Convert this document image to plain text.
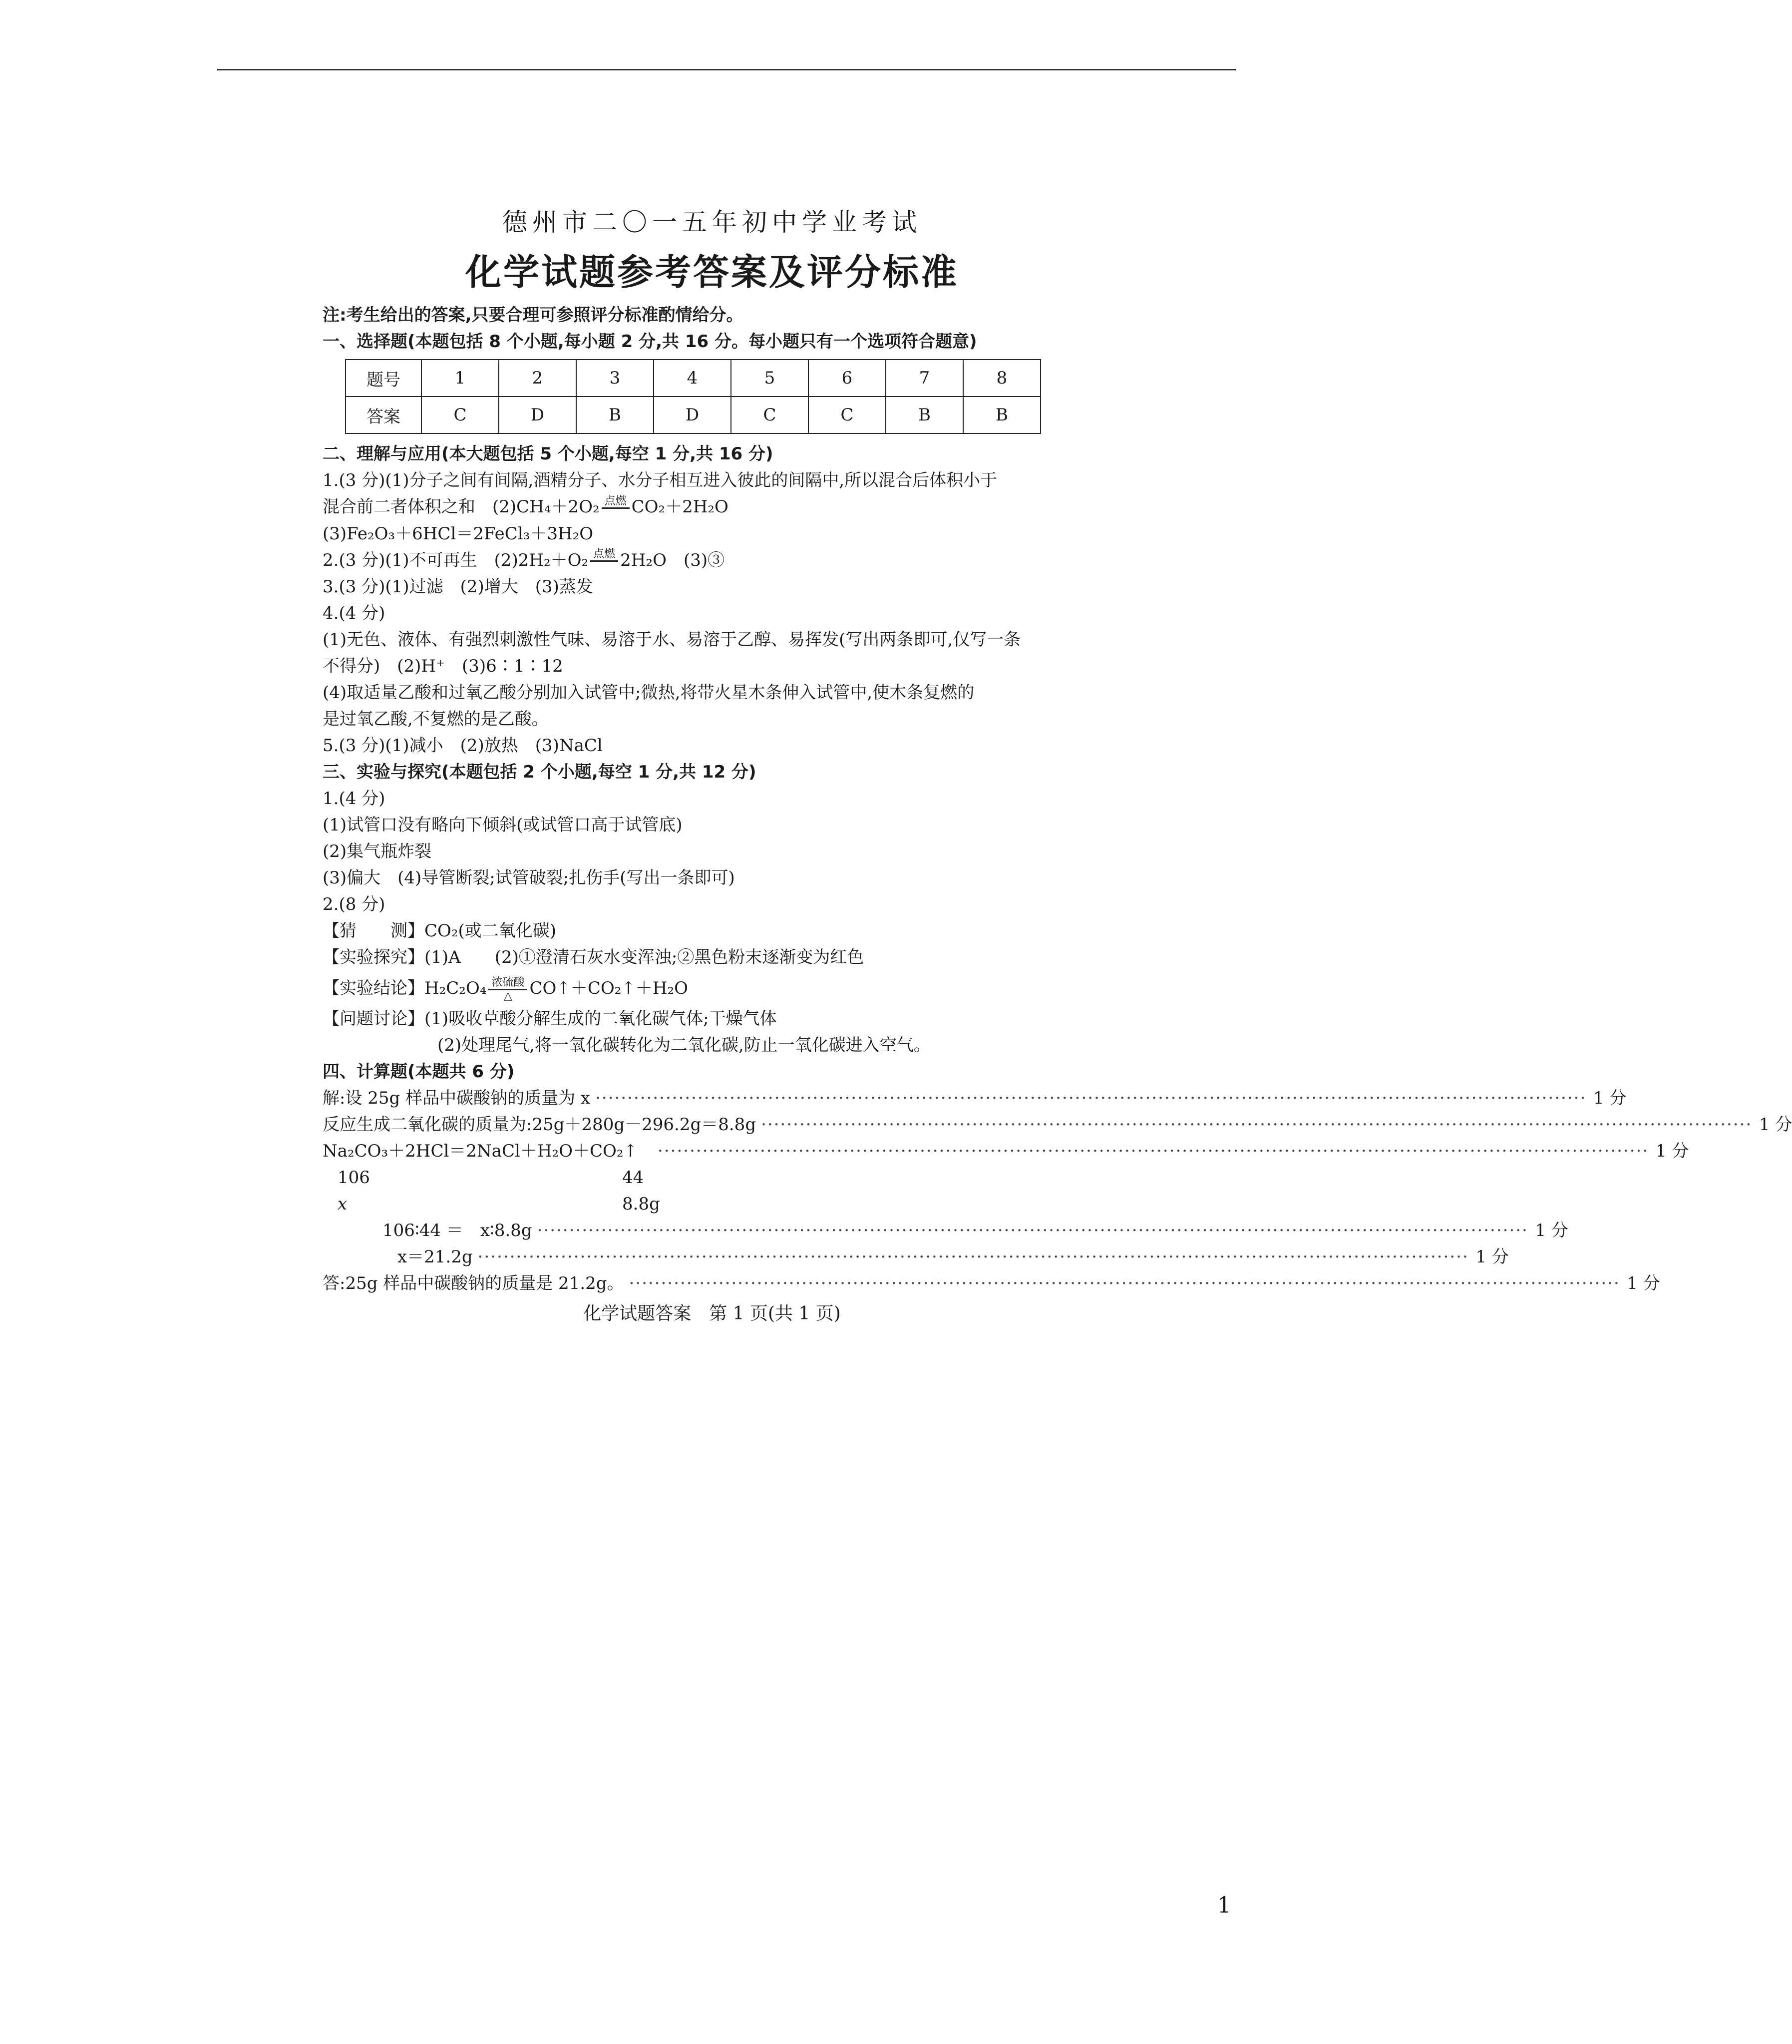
德州市二〇一五年初中学业考试
化学试题参考答案及评分标准
注:考生给出的答案,只要合理可参照评分标准酌情给分。
一、选择题(本题包括 8 个小题,每小题 2 分,共 16 分。每小题只有一个选项符合题意)
题号	1	2	3	4	5	6	7	8
答案	C	D	B	D	C	C	B	B
二、理解与应用(本大题包括 5 个小题,每空 1 分,共 16 分)
1.(3 分)(1)分子之间有间隔,酒精分子、水分子相互进入彼此的间隔中,所以混合后体积小于
混合前二者体积之和　(2)CH₄＋2O₂ 点燃
CO₂＋2H₂O
(3)Fe₂O₃＋6HCl＝2FeCl₃＋3H₂O
2.(3 分)(1)不可再生　(2)2H₂＋O₂ 点燃
2H₂O　(3)③
3.(3 分)(1)过滤　(2)增大　(3)蒸发
4.(4 分)
(1)无色、液体、有强烈刺激性气味、易溶于水、易溶于乙醇、易挥发(写出两条即可,仅写一条
不得分)　(2)H⁺　(3)6∶1∶12
(4)取适量乙酸和过氧乙酸分别加入试管中;微热,将带火星木条伸入试管中,使木条复燃的
是过氧乙酸,不复燃的是乙酸。
5.(3 分)(1)减小　(2)放热　(3)NaCl
三、实验与探究(本题包括 2 个小题,每空 1 分,共 12 分)
1.(4 分)
(1)试管口没有略向下倾斜(或试管口高于试管底)
(2)集气瓶炸裂
(3)偏大　(4)导管断裂;试管破裂;扎伤手(写出一条即可)
2.(8 分)
【猜　　测】CO₂(或二氧化碳)
【实验探究】(1)A　　(2)①澄清石灰水变浑浊;②黑色粉末逐渐变为红色
【实验结论】$H_2C_2O_4 \frac{\text{浓硫酸}}{\triangle}$ CO↑＋CO₂↑＋H₂O
【问题讨论】(1)吸收草酸分解生成的二氧化碳气体;干燥气体
(2)处理尾气,将一氧化碳转化为二氧化碳,防止一氧化碳进入空气。
四、计算题(本题共 6 分)
解:设 25g 样品中碳酸钠的质量为 x ··························································································································································· 1 分
反应生成二氧化碳的质量为:25g＋280g－296.2g＝8.8g ··························································································································································· 1 分
Na₂CO₃＋2HCl＝2NaCl＋H₂O＋CO₂↑ ··························································································································································· 1 分
106	44
x	8.8g
106∶44 ＝　x∶8.8g ··························································································································································· 1 分
x＝21.2g ··························································································································································· 1 分
答:25g 样品中碳酸钠的质量是 21.2g。 ··························································································································································· 1 分
化学试题答案　第 1 页(共 1 页)
1
